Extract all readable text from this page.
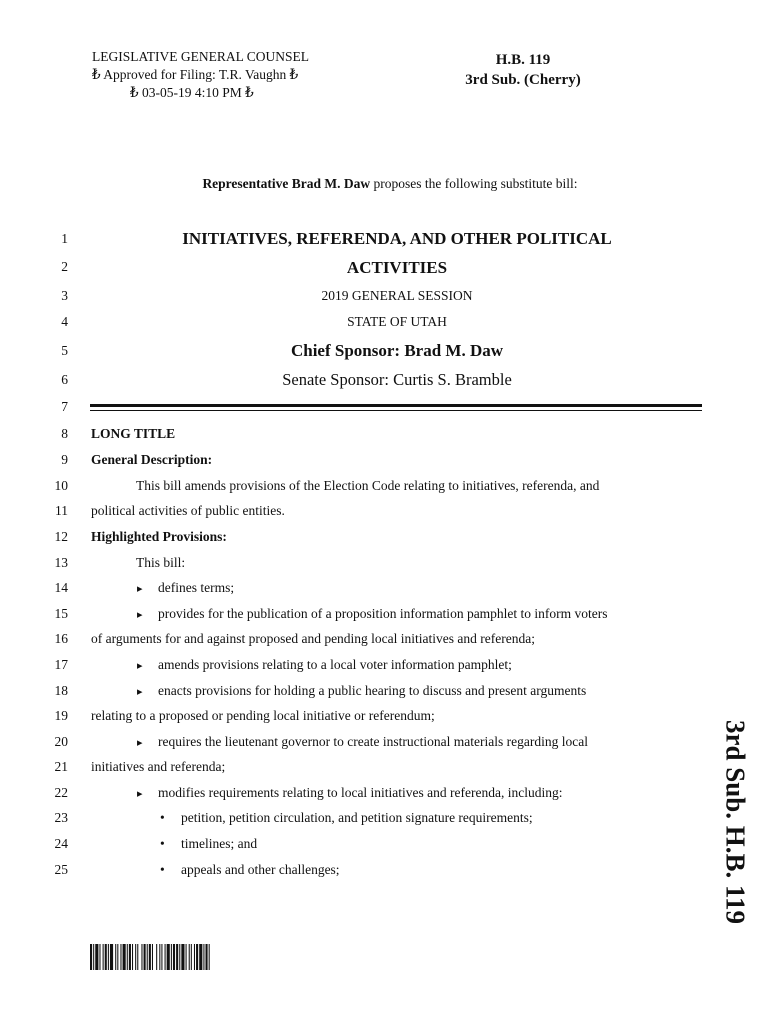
LEGISLATIVE GENERAL COUNSEL
₺ Approved for Filing: T.R. Vaughn ₺
₺ 03-05-19 4:10 PM ₺
H.B. 119
3rd Sub. (Cherry)
Representative Brad M. Daw proposes the following substitute bill:
1
2
3
4
5
6
7
8
9
10
11
12
13
14
15
16
17
18
19
20
21
22
23
24
25
INITIATIVES, REFERENDA, AND OTHER POLITICAL
ACTIVITIES
2019 GENERAL SESSION
STATE OF UTAH
Chief Sponsor: Brad M. Daw
Senate Sponsor: Curtis S. Bramble
LONG TITLE
General Description:
This bill amends provisions of the Election Code relating to initiatives, referenda, and
political activities of public entities.
Highlighted Provisions:
This bill:
▸ defines terms;
▸ provides for the publication of a proposition information pamphlet to inform voters
of arguments for and against proposed and pending local initiatives and referenda;
▸ amends provisions relating to a local voter information pamphlet;
▸ enacts provisions for holding a public hearing to discuss and present arguments
relating to a proposed or pending local initiative or referendum;
▸ requires the lieutenant governor to create instructional materials regarding local
initiatives and referenda;
▸ modifies requirements relating to local initiatives and referenda, including:
• petition, petition circulation, and petition signature requirements;
• timelines; and
• appeals and other challenges;	3rd Sub. H.B. 119
